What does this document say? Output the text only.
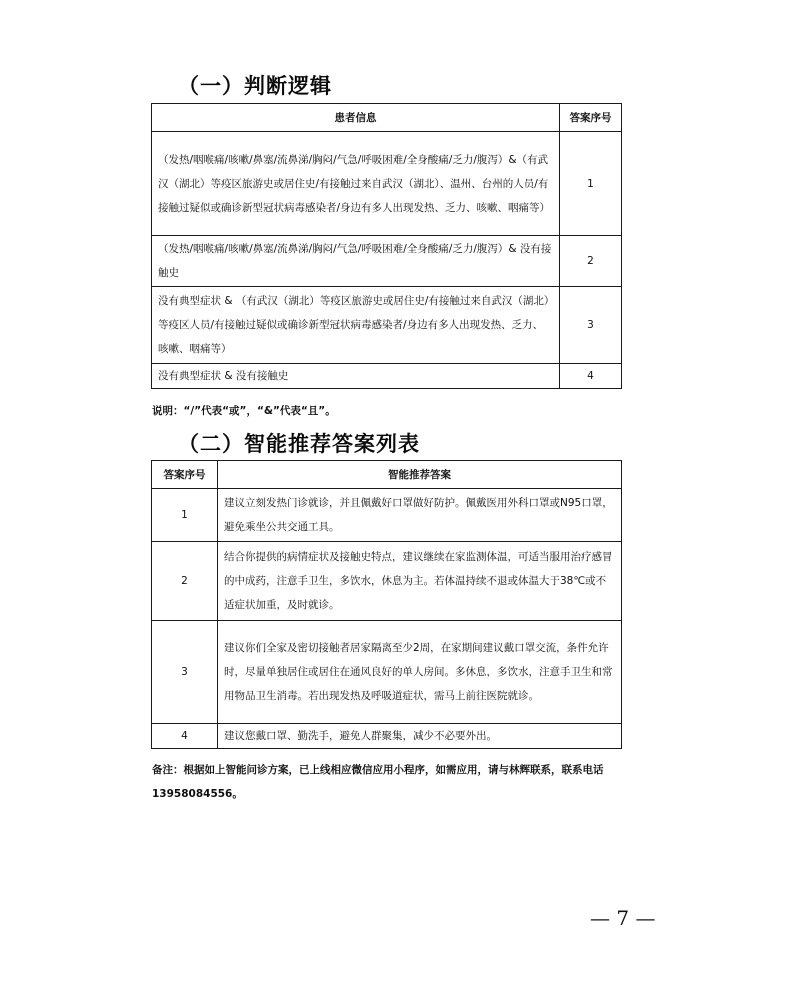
（一）判断逻辑
患者信息	答案序号
（发热/咽喉痛/咳嗽/鼻塞/流鼻涕/胸闷/气急/呼吸困难/全身酸痛/乏力/腹泻）&（有武汉（湖北）等疫区旅游史或居住史/有接触过来自武汉（湖北）、温州、台州的人员/有接触过疑似或确诊新型冠状病毒感染者/身边有多人出现发热、乏力、咳嗽、咽痛等）	1
（发热/咽喉痛/咳嗽/鼻塞/流鼻涕/胸闷/气急/呼吸困难/全身酸痛/乏力/腹泻）& 没有接触史	2
没有典型症状 & （有武汉（湖北）等疫区旅游史或居住史/有接触过来自武汉（湖北）等疫区人员/有接触过疑似或确诊新型冠状病毒感染者/身边有多人出现发热、乏力、咳嗽、咽痛等）	3
没有典型症状 & 没有接触史	4
说明：“/”代表“或”，“&”代表“且”。
（二）智能推荐答案列表
答案序号	智能推荐答案
1	建议立刻发热门诊就诊，并且佩戴好口罩做好防护。佩戴医用外科口罩或N95口罩，避免乘坐公共交通工具。
2	结合你提供的病情症状及接触史特点，建议继续在家监测体温，可适当服用治疗感冒的中成药，注意手卫生，多饮水，休息为主。若体温持续不退或体温大于38℃或不适症状加重，及时就诊。
3	建议你们全家及密切接触者居家隔离至少2周，在家期间建议戴口罩交流，条件允许时，尽量单独居住或居住在通风良好的单人房间。多休息，多饮水，注意手卫生和常用物品卫生消毒。若出现发热及呼吸道症状，需马上前往医院就诊。
4	建议您戴口罩、勤洗手，避免人群聚集，减少不必要外出。
备注：根据如上智能问诊方案，已上线相应微信应用小程序，如需应用，请与林辉联系，联系电话13958084556。
— 7 —
